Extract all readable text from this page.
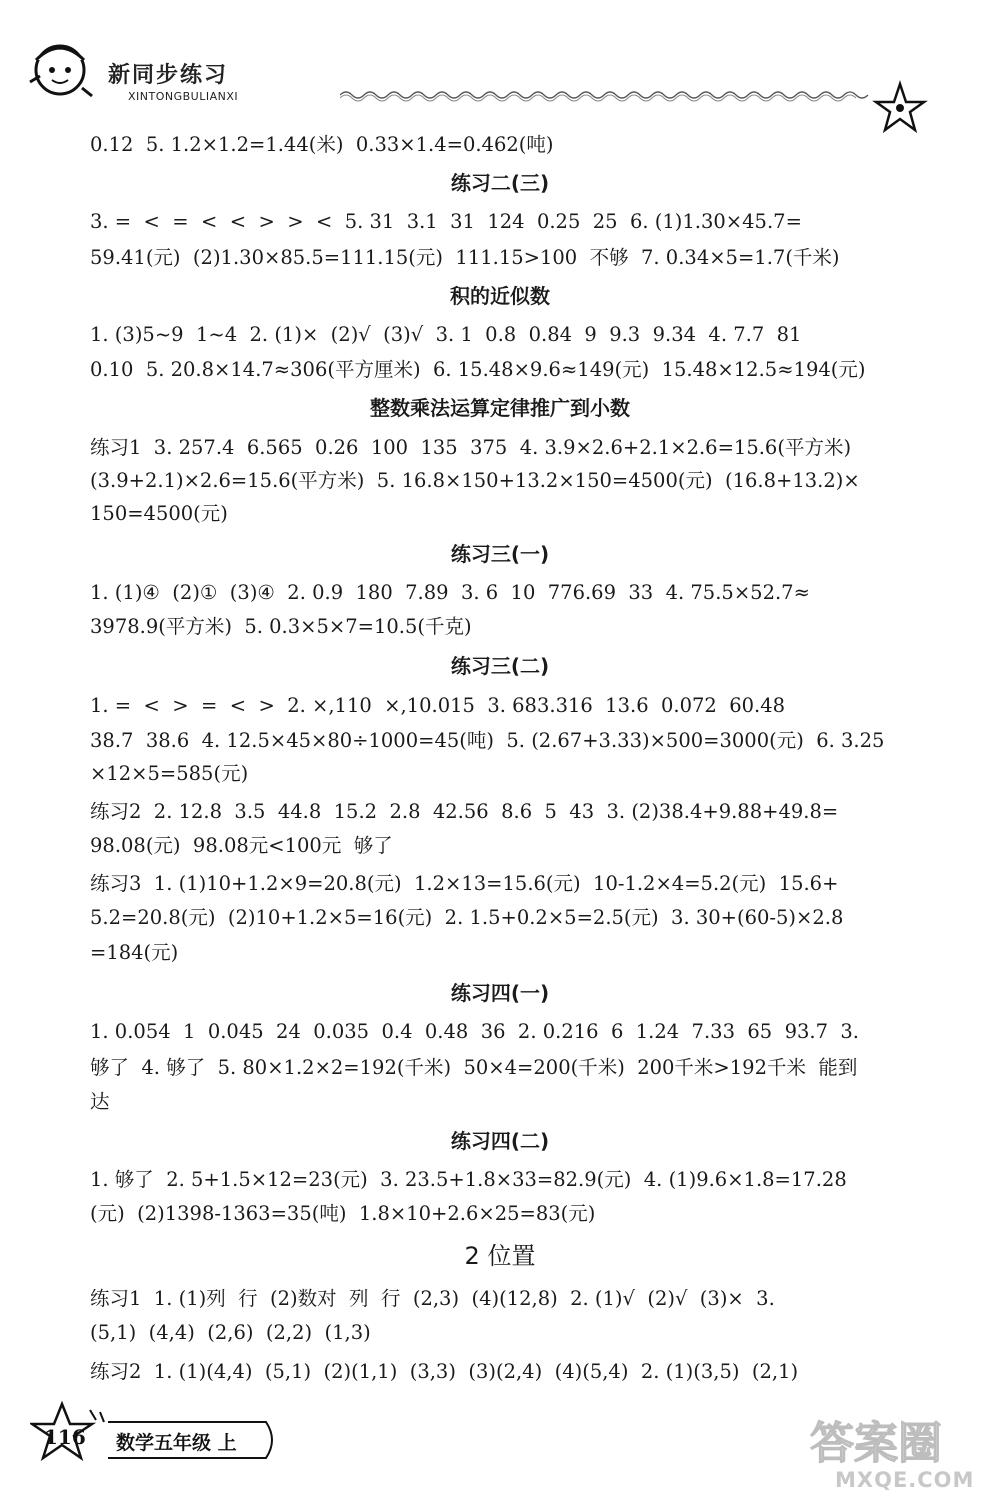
新同步练习
XINTONGBULIANXI
0.12  5. 1.2×1.2=1.44(米)  0.33×1.4=0.462(吨)
练习二(三)
3. =  <  =  <  <  >  >  <  5. 31  3.1  31  124  0.25  25  6. (1)1.30×45.7=
59.41(元)  (2)1.30×85.5=111.15(元)  111.15>100  不够  7. 0.34×5=1.7(千米)
积的近似数
1. (3)5~9  1~4  2. (1)×  (2)√  (3)√  3. 1  0.8  0.84  9  9.3  9.34  4. 7.7  81
0.10  5. 20.8×14.7≈306(平方厘米)  6. 15.48×9.6≈149(元)  15.48×12.5≈194(元)
整数乘法运算定律推广到小数
练习1  3. 257.4  6.565  0.26  100  135  375  4. 3.9×2.6+2.1×2.6=15.6(平方米)
(3.9+2.1)×2.6=15.6(平方米)  5. 16.8×150+13.2×150=4500(元)  (16.8+13.2)×
150=4500(元)
练习三(一)
1. (1)④  (2)①  (3)④  2. 0.9  180  7.89  3. 6  10  776.69  33  4. 75.5×52.7≈
3978.9(平方米)  5. 0.3×5×7=10.5(千克)
练习三(二)
1. =  <  >  =  <  >  2. ×,110  ×,10.015  3. 683.316  13.6  0.072  60.48
38.7  38.6  4. 12.5×45×80÷1000=45(吨)  5. (2.67+3.33)×500=3000(元)  6. 3.25
×12×5=585(元)
练习2  2. 12.8  3.5  44.8  15.2  2.8  42.56  8.6  5  43  3. (2)38.4+9.88+49.8=
98.08(元)  98.08元<100元  够了
练习3  1. (1)10+1.2×9=20.8(元)  1.2×13=15.6(元)  10-1.2×4=5.2(元)  15.6+
5.2=20.8(元)  (2)10+1.2×5=16(元)  2. 1.5+0.2×5=2.5(元)  3. 30+(60-5)×2.8
=184(元)
练习四(一)
1. 0.054  1  0.045  24  0.035  0.4  0.48  36  2. 0.216  6  1.24  7.33  65  93.7  3.
够了  4. 够了  5. 80×1.2×2=192(千米)  50×4=200(千米)  200千米>192千米  能到
达
练习四(二)
1. 够了  2. 5+1.5×12=23(元)  3. 23.5+1.8×33=82.9(元)  4. (1)9.6×1.8=17.28
(元)  (2)1398-1363=35(吨)  1.8×10+2.6×25=83(元)
2 位置
练习1  1. (1)列  行  (2)数对  列  行  (2,3)  (4)(12,8)  2. (1)√  (2)√  (3)×  3.
(5,1)  (4,4)  (2,6)  (2,2)  (1,3)
练习2  1. (1)(4,4)  (5,1)  (2)(1,1)  (3,3)  (3)(2,4)  (4)(5,4)  2. (1)(3,5)  (2,1)
116 数学五年级 上	答案圈
MXQE.COM
